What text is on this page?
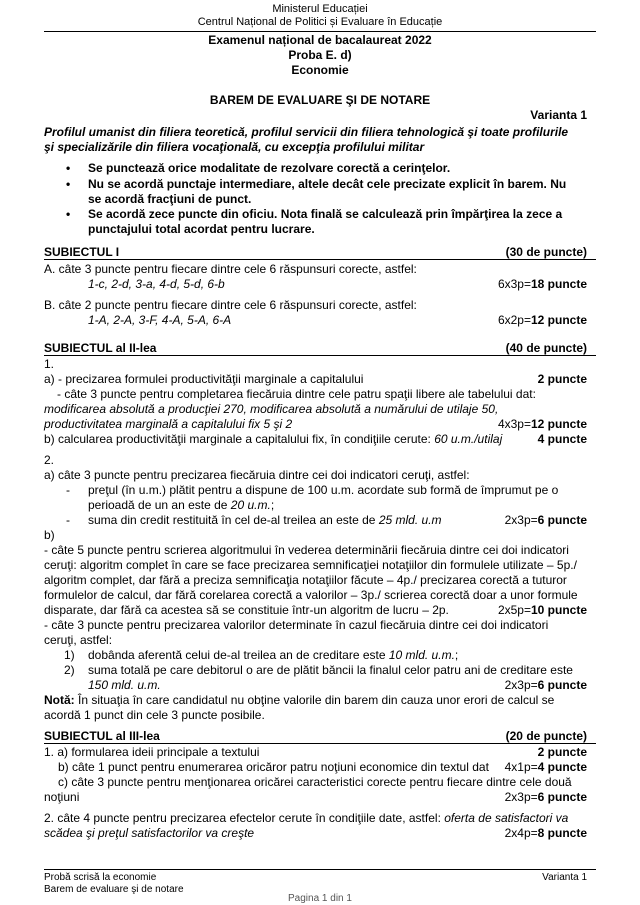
Ministerul Educației
Centrul Național de Politici și Evaluare în Educație
Examenul național de bacalaureat 2022
Proba E. d)
Economie
BAREM DE EVALUARE ŞI DE NOTARE
Varianta 1
Profilul umanist din filiera teoretică, profilul servicii din filiera tehnologică şi toate profilurile
şi specializările din filiera vocaţională, cu excepţia profilului militar
• Se punctează orice modalitate de rezolvare corectă a cerinţelor.
• Nu se acordă punctaje intermediare, altele decât cele precizate explicit în barem. Nu
se acordă fracţiuni de punct.
• Se acordă zece puncte din oficiu. Nota finală se calculează prin împărţirea la zece a
punctajului total acordat pentru lucrare.
SUBIECTUL I	(30 de puncte)
A. câte 3 puncte pentru fiecare dintre cele 6 răspunsuri corecte, astfel:
1-c, 2-d, 3-a, 4-d, 5-d, 6-b	6x3p=18 puncte
B. câte 2 puncte pentru fiecare dintre cele 6 răspunsuri corecte, astfel:
1-A, 2-A, 3-F, 4-A, 5-A, 6-A	6x2p=12 puncte
SUBIECTUL al II-lea	(40 de puncte)
1.
a) - precizarea formulei productivităţii marginale a capitalului	2 puncte
- câte 3 puncte pentru completarea fiecăruia dintre cele patru spaţii libere ale tabelului dat:
modificarea absolută a producţiei 270, modificarea absolută a numărului de utilaje 50,
productivitatea marginală a capitalului fix 5 şi 2	4x3p=12 puncte
b) calcularea productivităţii marginale a capitalului fix, în condiţiile cerute: 60 u.m./utilaj	4 puncte
2.
a) câte 3 puncte pentru precizarea fiecăruia dintre cei doi indicatori ceruţi, astfel:
- preţul (în u.m.) plătit pentru a dispune de 100 u.m. acordate sub formă de împrumut pe o
perioadă de un an este de 20 u.m.;
- suma din credit restituită în cel de-al treilea an este de 25 mld. u.m	2x3p=6 puncte
b)
- câte 5 puncte pentru scrierea algoritmului în vederea determinării fiecăruia dintre cei doi indicatori
ceruţi: algoritm complet în care se face precizarea semnificaţiei notaţiilor din formulele utilizate – 5p./
algoritm complet, dar fără a preciza semnificaţia notaţiilor făcute – 4p./ precizarea corectă a tuturor
formulelor de calcul, dar fără corelarea corectă a valorilor – 3p./ scrierea corectă doar a unor formule
disparate, dar fără ca acestea să se constituie într-un algoritm de lucru – 2p.	2x5p=10 puncte
- câte 3 puncte pentru precizarea valorilor determinate în cazul fiecăruia dintre cei doi indicatori
ceruţi, astfel:
1) dobânda aferentă celui de-al treilea an de creditare este 10 mld. u.m.;
2) suma totală pe care debitorul o are de plătit băncii la finalul celor patru ani de creditare este
150 mld. u.m.	2x3p=6 puncte
Notă: În situaţia în care candidatul nu obţine valorile din barem din cauza unor erori de calcul se
acordă 1 punct din cele 3 puncte posibile.
SUBIECTUL al III-lea	(20 de puncte)
1. a) formularea ideii principale a textului	2 puncte
b) câte 1 punct pentru enumerarea oricăror patru noţiuni economice din textul dat 4x1p=4 puncte
c) câte 3 puncte pentru menţionarea oricărei caracteristici corecte pentru fiecare dintre cele două
noţiuni	2x3p=6 puncte
2. câte 4 puncte pentru precizarea efectelor cerute în condiţiile date, astfel: oferta de satisfactori va
scădea şi preţul satisfactorilor va creşte	2x4p=8 puncte
Probă scrisă la economie	Varianta 1
Barem de evaluare şi de notare
Pagina 1 din 1
